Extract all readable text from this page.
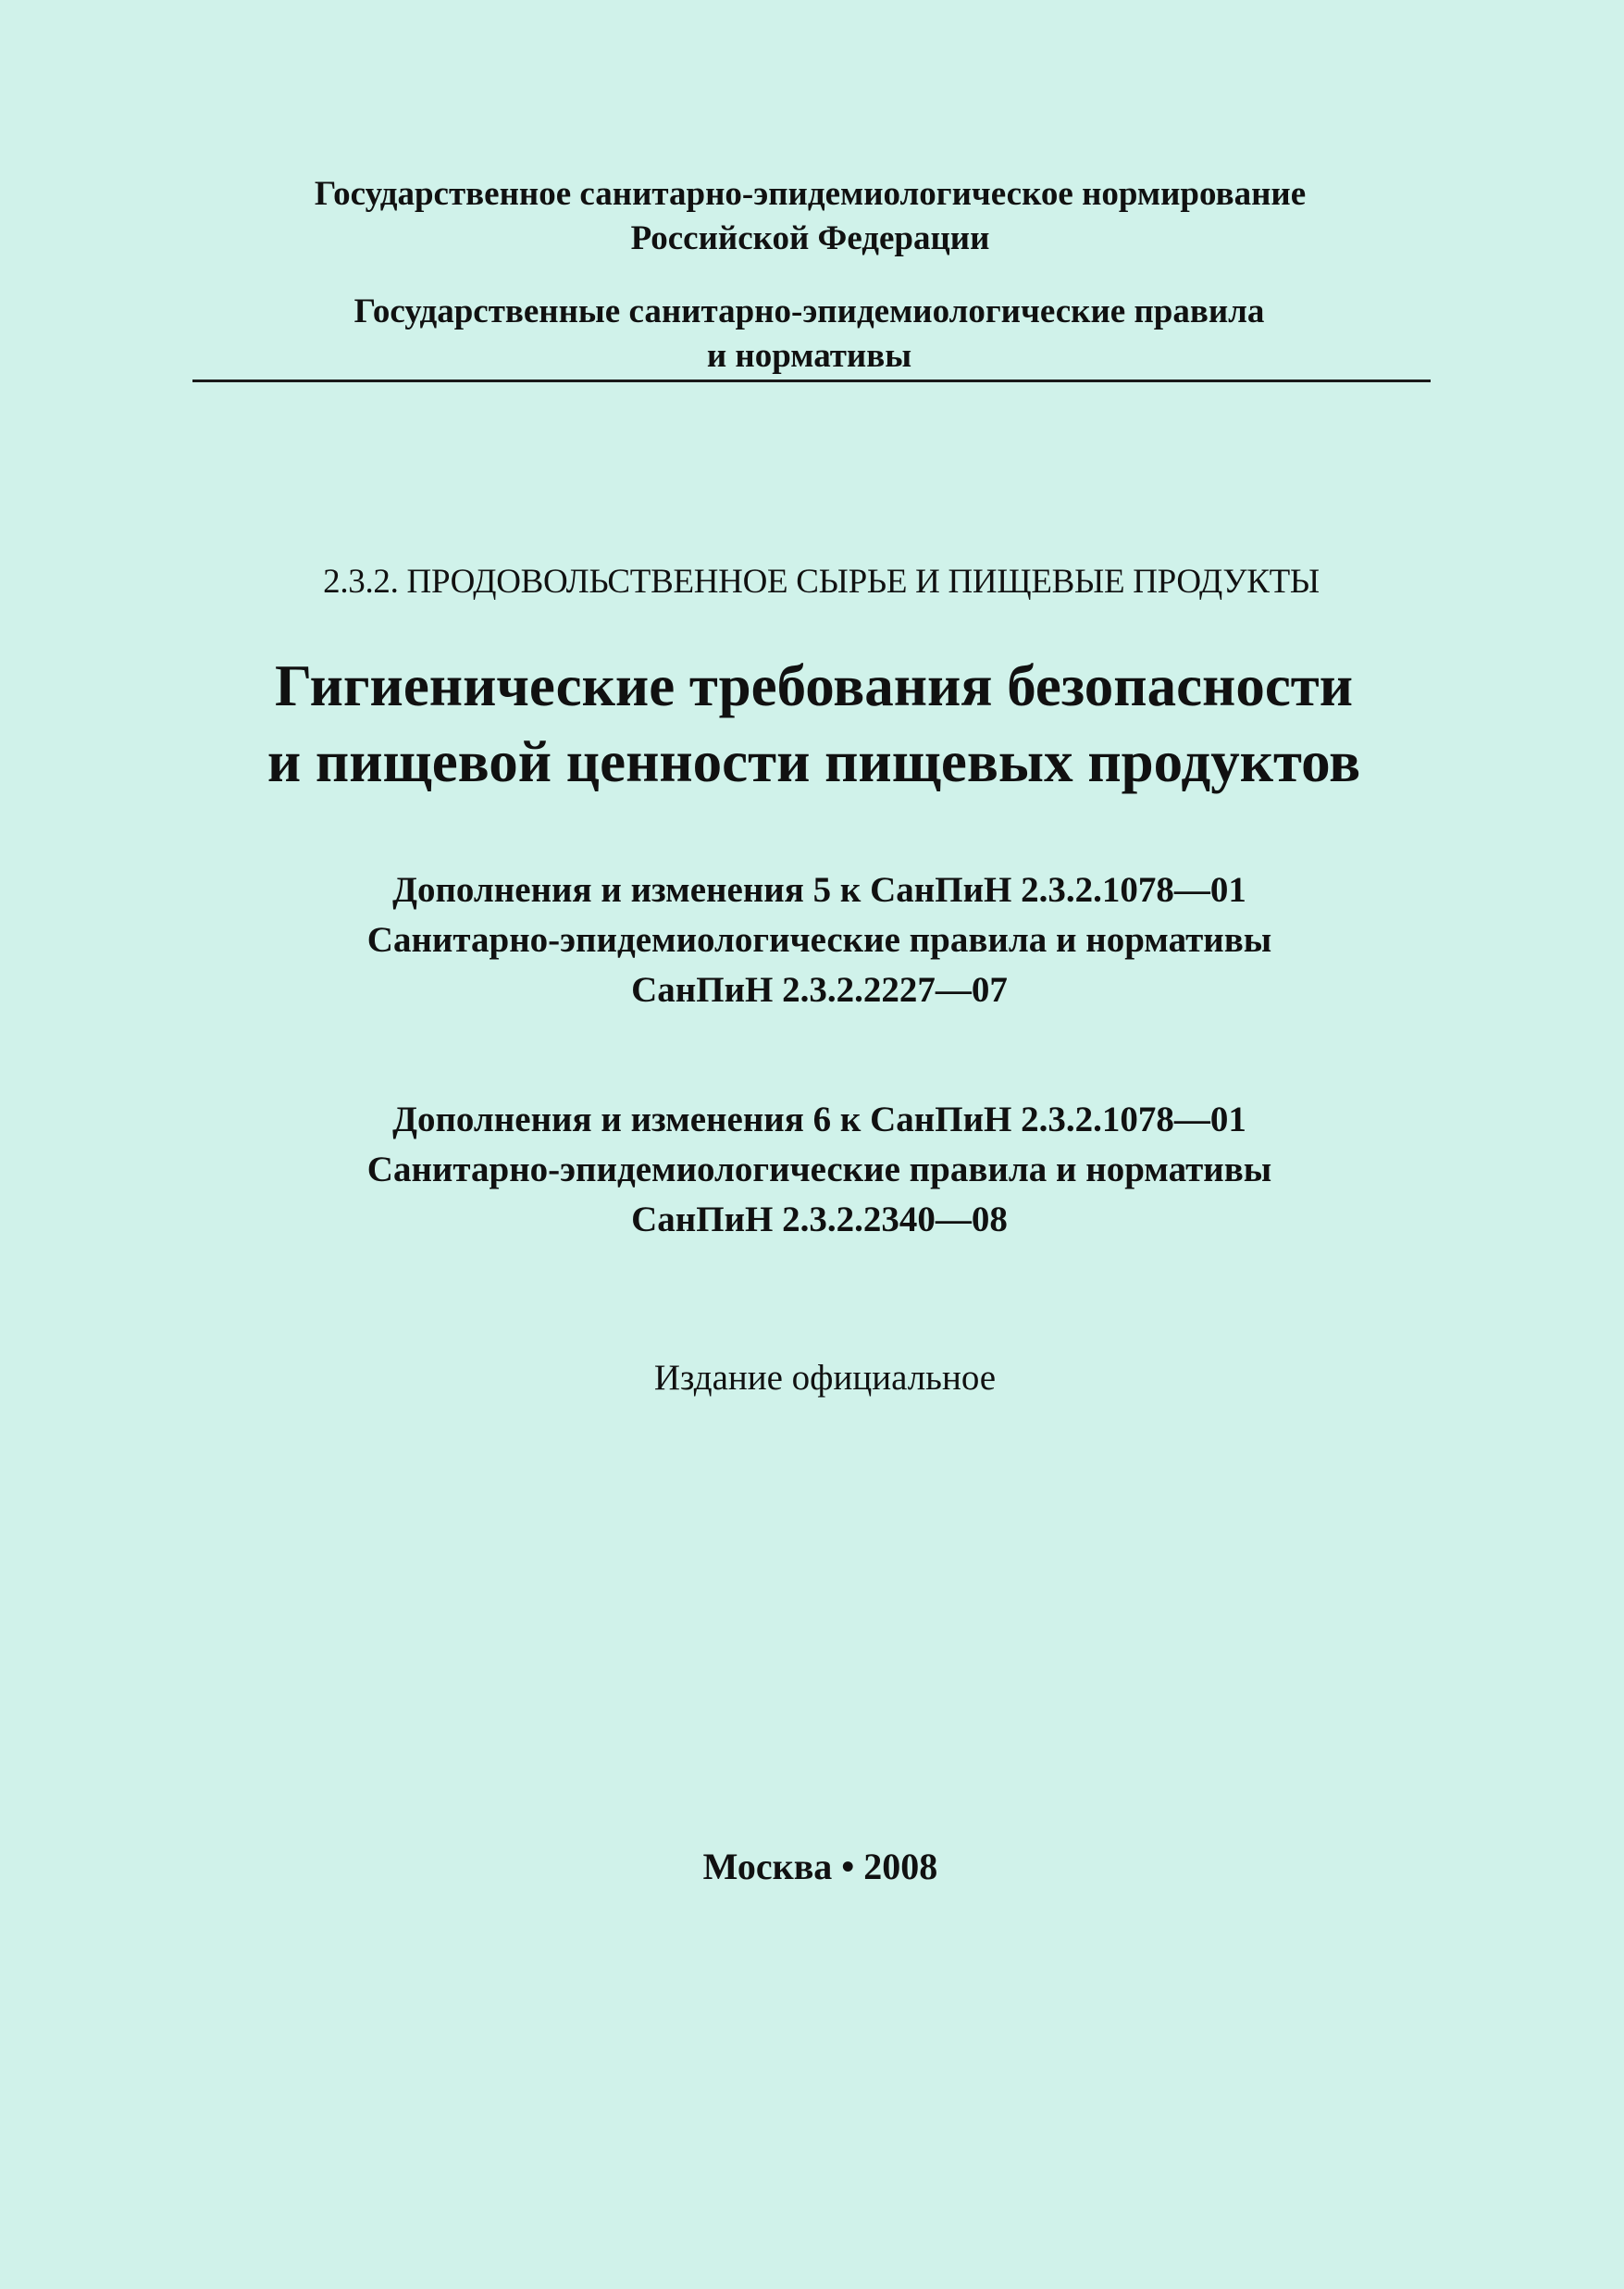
Государственное санитарно-эпидемиологическое нормирование
Российской Федерации
Государственные санитарно-эпидемиологические правила
и нормативы
2.3.2. ПРОДОВОЛЬСТВЕННОЕ СЫРЬЕ И ПИЩЕВЫЕ ПРОДУКТЫ
Гигиенические требования безопасности
и пищевой ценности пищевых продуктов
Дополнения и изменения 5 к СанПиН 2.3.2.1078—01
Санитарно-эпидемиологические правила и нормативы
СанПиН 2.3.2.2227—07
Дополнения и изменения 6 к СанПиН 2.3.2.1078—01
Санитарно-эпидемиологические правила и нормативы
СанПиН 2.3.2.2340—08
Издание официальное
Москва • 2008
